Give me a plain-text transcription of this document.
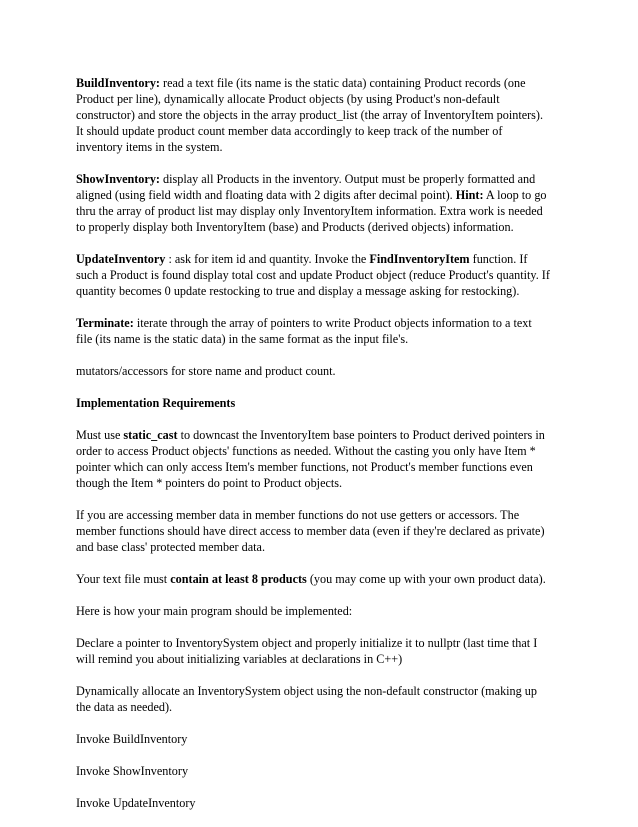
BuildInventory: read a text file (its name is the static data) containing Product records (one
Product per line), dynamically allocate Product objects (by using Product's non-default
constructor) and store the objects in the array product_list (the array of InventoryItem pointers).
It should update product count member data accordingly to keep track of the number of
inventory items in the system.

ShowInventory: display all Products in the inventory. Output must be properly formatted and
aligned (using field width and floating data with 2 digits after decimal point). Hint: A loop to go
thru the array of product list may display only InventoryItem information. Extra work is needed
to properly display both InventoryItem (base) and Products (derived objects) information.

UpdateInventory : ask for item id and quantity. Invoke the FindInventoryItem function. If
such a Product is found display total cost and update Product object (reduce Product's quantity. If
quantity becomes 0 update restocking to true and display a message asking for restocking).

Terminate: iterate through the array of pointers to write Product objects information to a text
file (its name is the static data) in the same format as the input file's.

mutators/accessors for store name and product count.

Implementation Requirements

Must use static_cast to downcast the InventoryItem base pointers to Product derived pointers in
order to access Product objects' functions as needed. Without the casting you only have Item *
pointer which can only access Item's member functions, not Product's member functions even
though the Item * pointers do point to Product objects.

If you are accessing member data in member functions do not use getters or accessors. The
member functions should have direct access to member data (even if they're declared as private)
and base class' protected member data.

Your text file must contain at least 8 products (you may come up with your own product data).

Here is how your main program should be implemented:

Declare a pointer to InventorySystem object and properly initialize it to nullptr (last time that I
will remind you about initializing variables at declarations in C++)

Dynamically allocate an InventorySystem object using the non-default constructor (making up
the data as needed).

Invoke BuildInventory

Invoke ShowInventory

Invoke UpdateInventory
